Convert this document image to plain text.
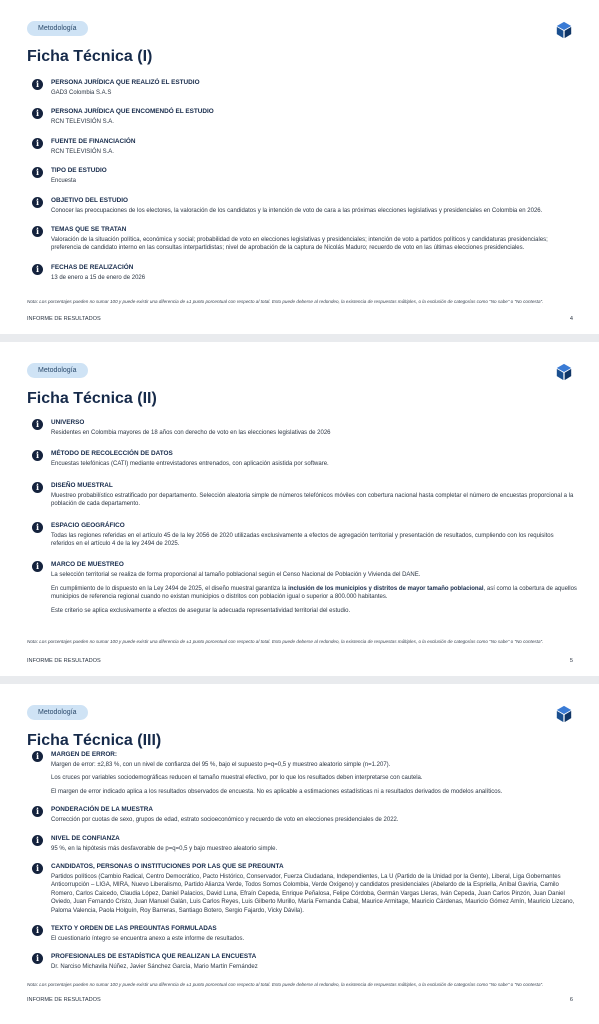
Metodología
Ficha Técnica (I)
i	PERSONA JURÍDICA QUE REALIZÓ EL ESTUDIO

GAD3 Colombia S.A.S

i	PERSONA JURÍDICA QUE ENCOMENDÓ EL ESTUDIO

RCN TELEVISIÓN S.A.

i	FUENTE DE FINANCIACIÓN

RCN TELEVISIÓN S.A.

i	TIPO DE ESTUDIO

Encuesta

i	OBJETIVO DEL ESTUDIO

Conocer las preocupaciones de los electores, la valoración de los candidatos y la intención de voto de cara a las próximas elecciones legislativas y presidenciales en Colombia en 2026.

i	TEMAS QUE SE TRATAN

Valoración de la situación política, económica y social; probabilidad de voto en elecciones legislativas y presidenciales; intención de voto a partidos políticos y candidaturas presidenciales; preferencia de candidato interno en las consultas interpartidistas; nivel de aprobación de la captura de Nicolás Maduro; recuerdo de voto en las últimas elecciones presidenciales.

i	FECHAS DE REALIZACIÓN

13 de enero a 15 de enero de 2026

Nota: Los porcentajes pueden no sumar 100 y puede existir una diferencia de ±1 punto porcentual con respecto al total. Esto puede deberse al redondeo, la existencia de respuestas múltiples, o la exclusión de categorías como “No sabe” o “No contesta”.
INFORME DE RESULTADOS	4
Metodología
Ficha Técnica (II)
i	UNIVERSO

Residentes en Colombia mayores de 18 años con derecho de voto en las elecciones legislativas de 2026

i	MÉTODO DE RECOLECCIÓN DE DATOS

Encuestas telefónicas (CATI) mediante entrevistadores entrenados, con aplicación asistida por software.

i	DISEÑO MUESTRAL

Muestreo probabilístico estratificado por departamento. Selección aleatoria simple de números telefónicos móviles con cobertura nacional hasta completar el número de encuestas proporcional a la población de cada departamento.

i	ESPACIO GEOGRÁFICO

Todas las regiones referidas en el artículo 45 de la ley 2056 de 2020 utilizadas exclusivamente a efectos de agregación territorial y presentación de resultados, cumpliendo con los requisitos referidos en el artículo 4 de la ley 2494 de 2025.

i	MARCO DE MUESTREO

La selección territorial se realiza de forma proporcional al tamaño poblacional según el Censo Nacional de Población y Vivienda del DANE.

En cumplimiento de lo dispuesto en la Ley 2494 de 2025, el diseño muestral garantiza la inclusión de los municipios y distritos de mayor tamaño poblacional, así como la cobertura de aquellos municipios de referencia regional cuando no existan municipios o distritos con población igual o superior a 800.000 habitantes.

Este criterio se aplica exclusivamente a efectos de asegurar la adecuada representatividad territorial del estudio.

Nota: Los porcentajes pueden no sumar 100 y puede existir una diferencia de ±1 punto porcentual con respecto al total. Esto puede deberse al redondeo, la existencia de respuestas múltiples, o la exclusión de categorías como “No sabe” o “No contesta”.
INFORME DE RESULTADOS	5
Metodología
Ficha Técnica (III)
i	MARGEN DE ERROR:

Margen de error: ±2,83 %, con un nivel de confianza del 95 %, bajo el supuesto p=q=0,5 y muestreo aleatorio simple (n=1.207).

Los cruces por variables sociodemográficas reducen el tamaño muestral efectivo, por lo que los resultados deben interpretarse con cautela.

El margen de error indicado aplica a los resultados observados de encuesta. No es aplicable a estimaciones estadísticas ni a resultados derivados de modelos analíticos.

i	PONDERACIÓN DE LA MUESTRA

Corrección por cuotas de sexo, grupos de edad, estrato socioeconómico y recuerdo de voto en elecciones presidenciales de 2022.

i	NIVEL DE CONFIANZA

95 %, en la hipótesis más desfavorable de p=q=0,5 y bajo muestreo aleatorio simple.

i	CANDIDATOS, PERSONAS O INSTITUCIONES POR LAS QUE SE PREGUNTA

Partidos políticos (Cambio Radical, Centro Democrático, Pacto Histórico, Conservador, Fuerza Ciudadana, Independientes, La U (Partido de la Unidad por la Gente), Liberal, Liga Gobernantes Anticorrupción – LIGA, MIRA, Nuevo Liberalismo, Partido Alianza Verde, Todos Somos Colombia, Verde Oxígeno) y candidatos presidenciales (Abelardo de la Espriella, Aníbal Gaviria, Camilo Romero, Carlos Caicedo, Claudia López, Daniel Palacios, David Luna, Efraín Cepeda, Enrique Peñalosa, Felipe Córdoba, Germán Vargas Lleras, Iván Cepeda, Juan Carlos Pinzón, Juan Daniel Oviedo, Juan Fernando Cristo, Juan Manuel Galán, Luis Carlos Reyes, Luis Gilberto Murillo, María Fernanda Cabal, Maurice Armitage, Mauricio Cárdenas, Mauricio Gómez Amín, Mauricio Lizcano, Paloma Valencia, Paola Holguín, Roy Barreras, Santiago Botero, Sergio Fajardo, Vicky Dávila).

i	TEXTO Y ORDEN DE LAS PREGUNTAS FORMULADAS

El cuestionario íntegro se encuentra anexo a este informe de resultados.

i	PROFESIONALES DE ESTADÍSTICA QUE REALIZAN LA ENCUESTA

Dr. Narciso Michavila Núñez, Javier Sánchez García, Mario Martín Fernández

Nota: Los porcentajes pueden no sumar 100 y puede existir una diferencia de ±1 punto porcentual con respecto al total. Esto puede deberse al redondeo, la existencia de respuestas múltiples, o la exclusión de categorías como “No sabe” o “No contesta”.
INFORME DE RESULTADOS	6
